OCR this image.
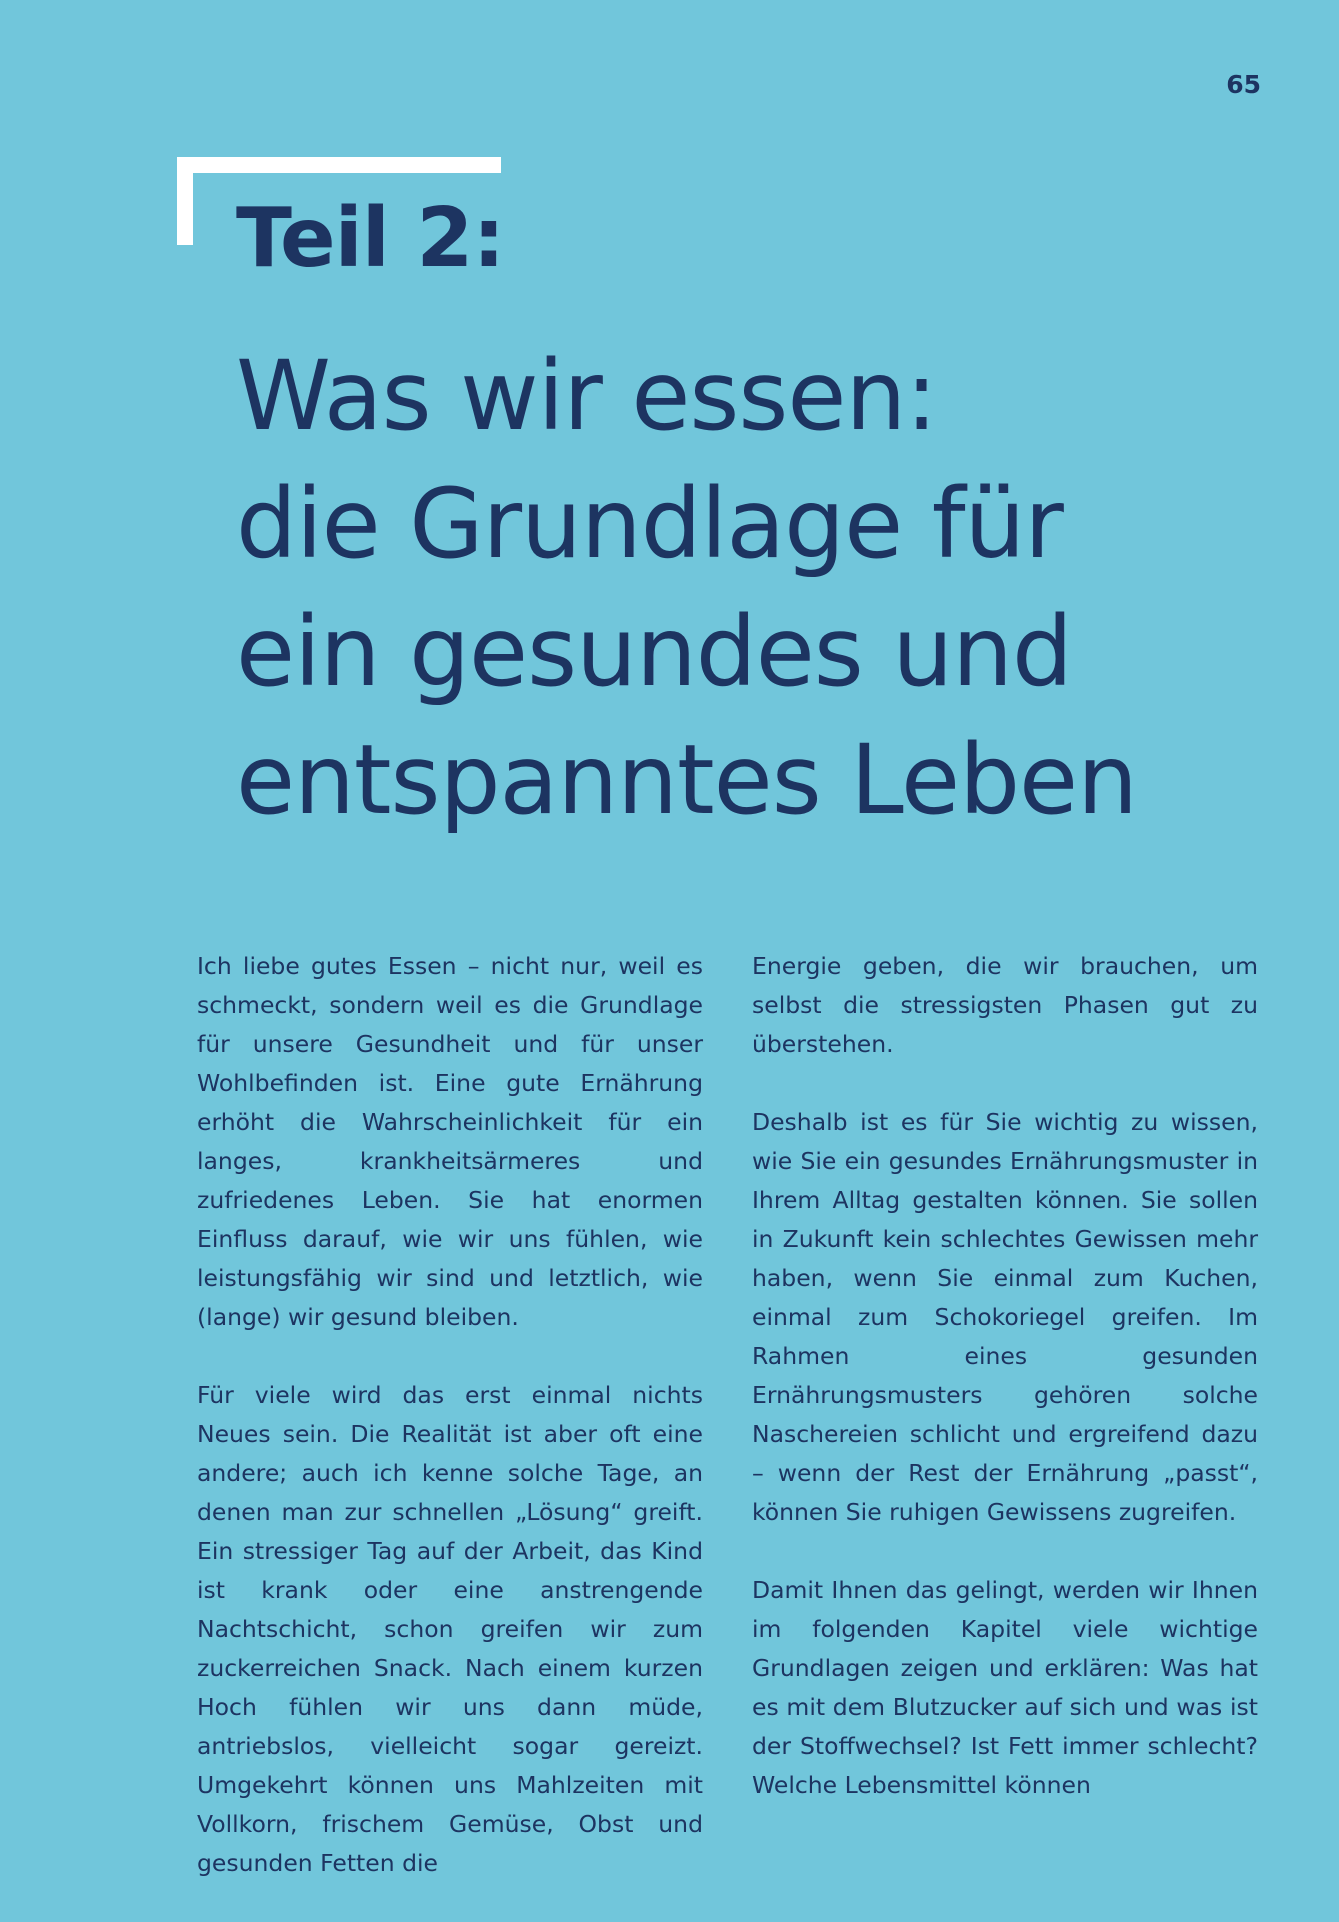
65
Teil 2:
Was wir essen:
die Grundlage für
ein gesundes und
entspanntes Leben

Ich liebe gutes Essen – nicht nur, weil es schmeckt, sondern weil es die Grundlage für unsere Gesundheit und für unser Wohlbefinden ist. Eine gute Ernährung erhöht die Wahrscheinlichkeit für ein langes, krankheitsärmeres und zufriedenes Leben. Sie hat enormen Einfluss darauf, wie wir uns fühlen, wie leistungsfähig wir sind und letztlich, wie (lange) wir gesund bleiben.

Für viele wird das erst einmal nichts Neues sein. Die Realität ist aber oft eine andere; auch ich kenne solche Tage, an denen man zur schnellen „Lösung“ greift. Ein stressiger Tag auf der Arbeit, das Kind ist krank oder eine anstrengende Nachtschicht, schon greifen wir zum zuckerreichen Snack. Nach einem kurzen Hoch fühlen wir uns dann müde, antriebslos, vielleicht sogar gereizt. Umgekehrt können uns Mahlzeiten mit Vollkorn, frischem Gemüse, Obst und gesunden Fetten die

Energie geben, die wir brauchen, um selbst die stressigsten Phasen gut zu überstehen.

Deshalb ist es für Sie wichtig zu wissen, wie Sie ein gesundes Ernährungsmuster in Ihrem Alltag gestalten können. Sie sollen in Zukunft kein schlechtes Gewissen mehr haben, wenn Sie einmal zum Kuchen, einmal zum Schokoriegel greifen. Im Rahmen eines gesunden Ernährungsmusters gehören solche Naschereien schlicht und ergreifend dazu – wenn der Rest der Ernährung „passt“, können Sie ruhigen Gewissens zugreifen.

Damit Ihnen das gelingt, werden wir Ihnen im folgenden Kapitel viele wichtige Grundlagen zeigen und erklären: Was hat es mit dem Blutzucker auf sich und was ist der Stoffwechsel? Ist Fett immer schlecht? Welche Lebensmittel können
